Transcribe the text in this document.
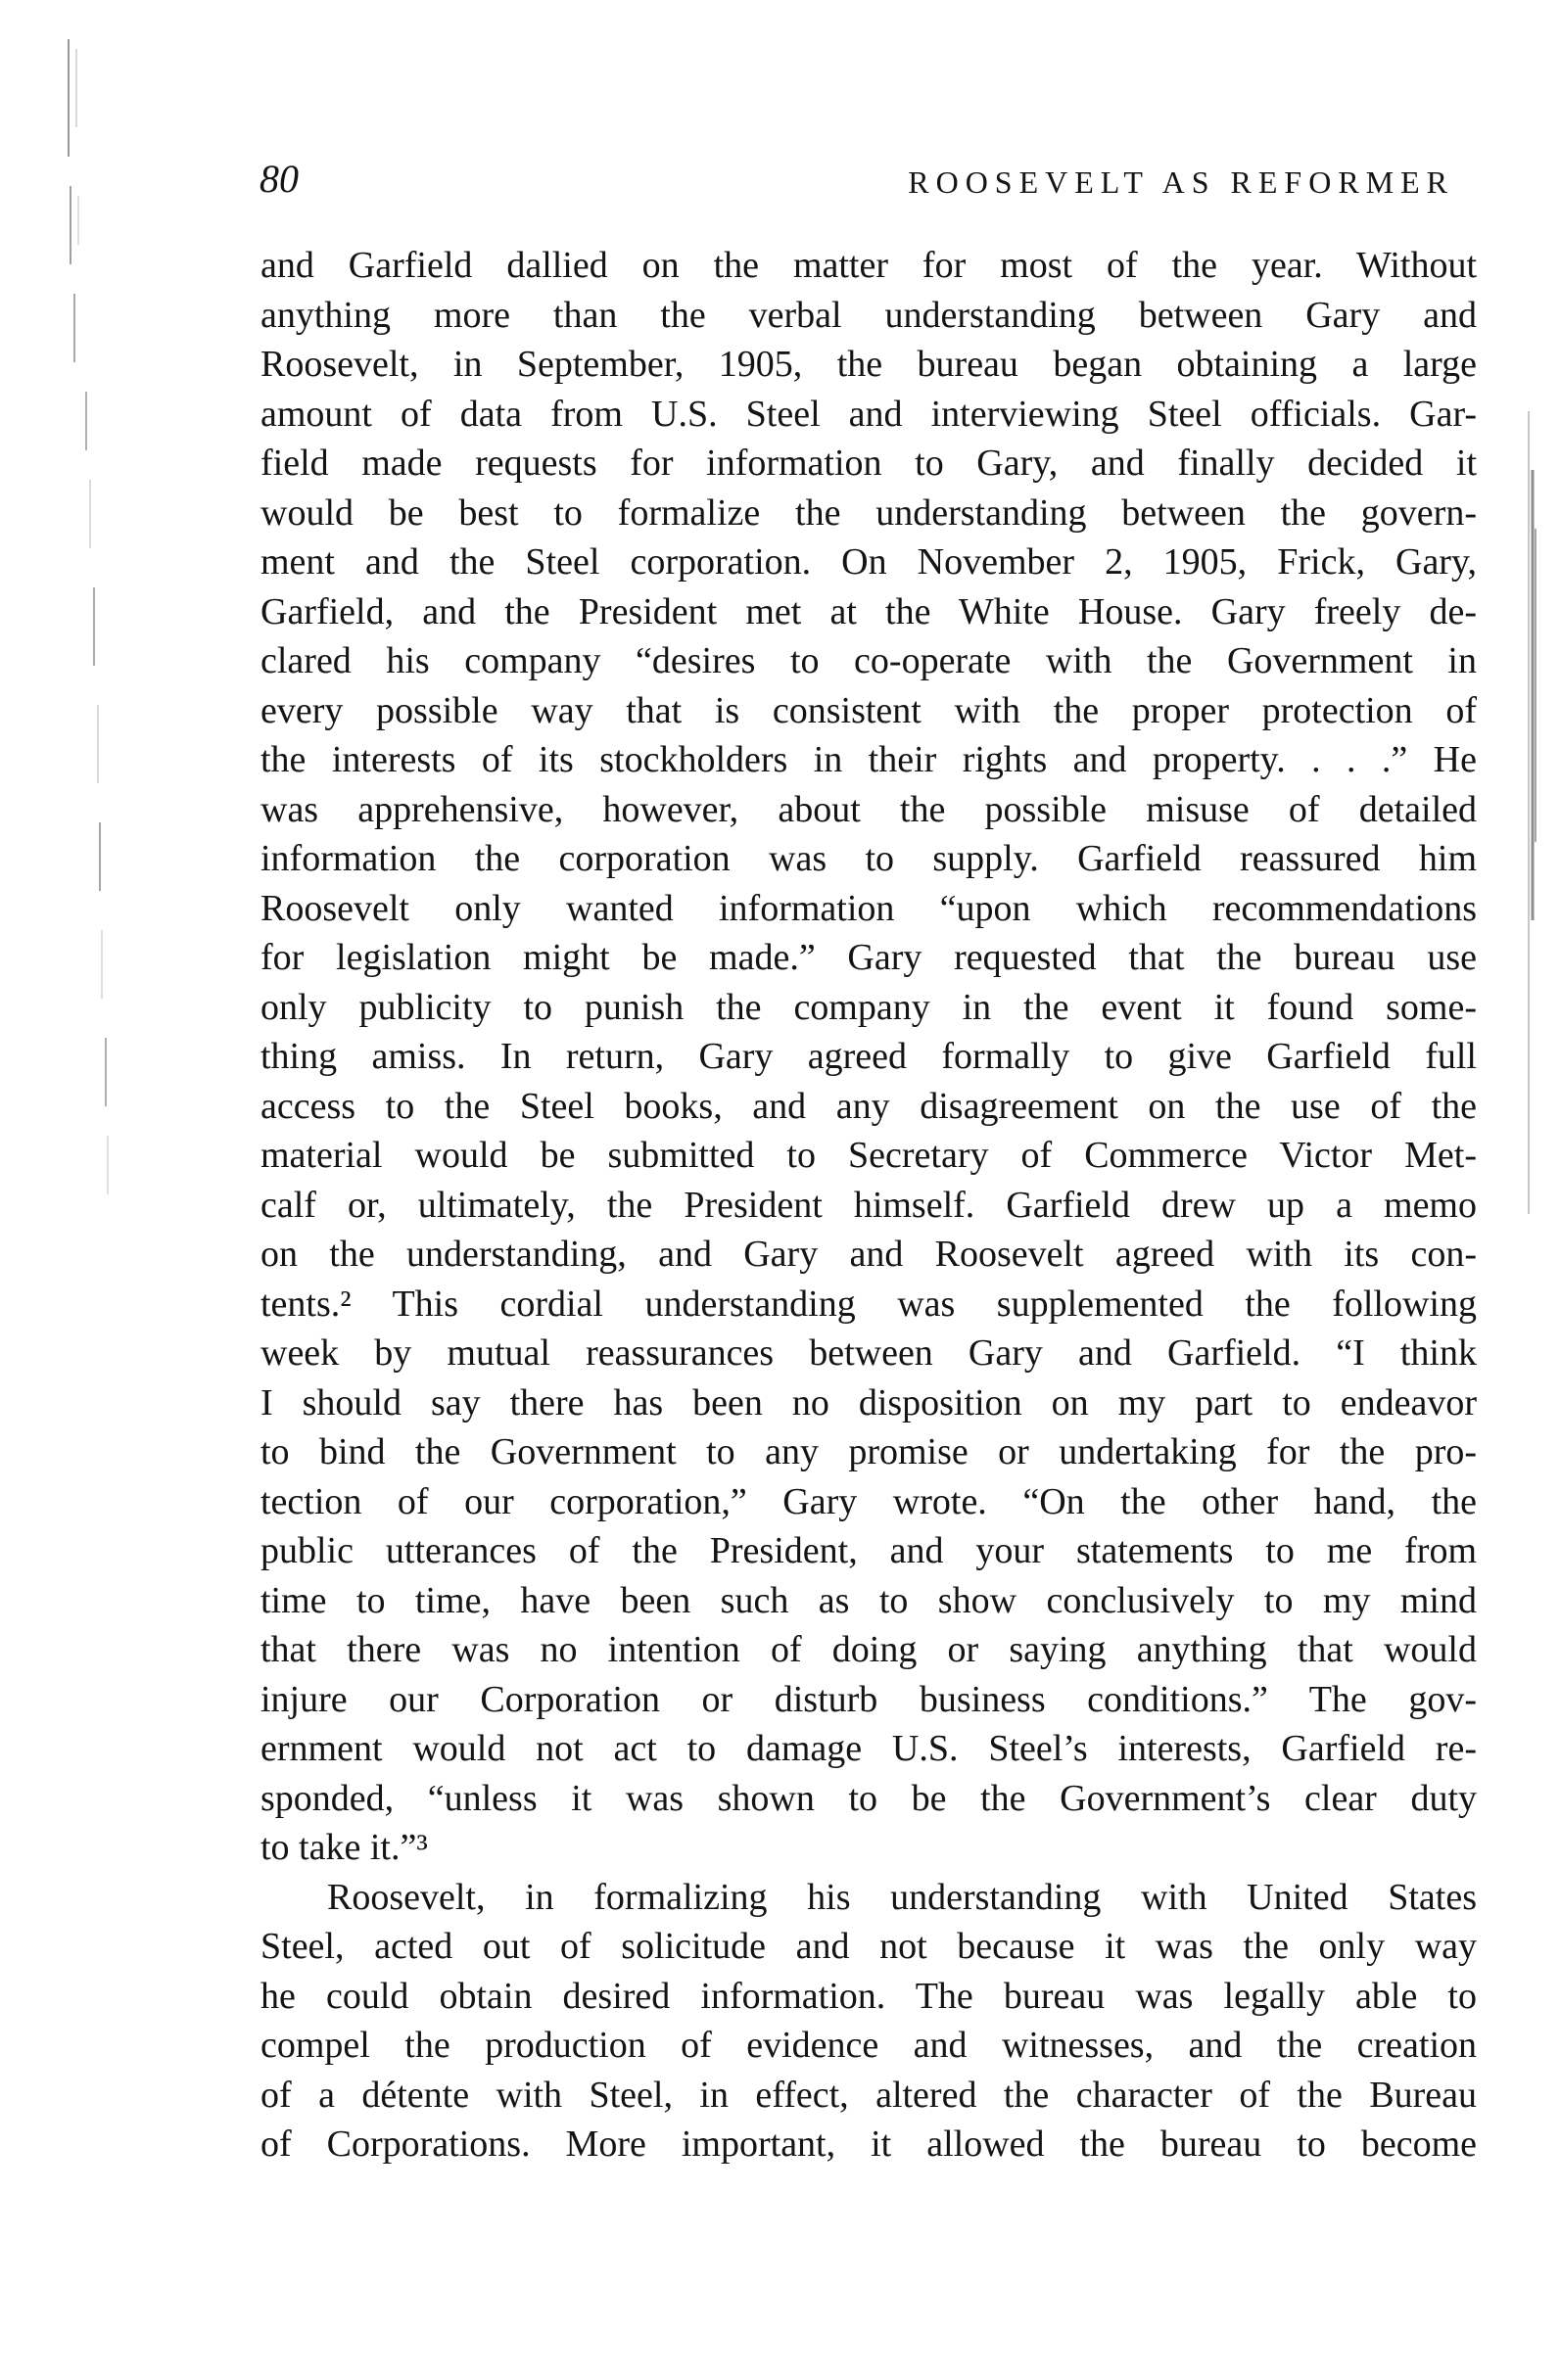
80	ROOSEVELT AS REFORMER
and Garfield dallied on the matter for most of the year. Without
anything more than the verbal understanding between Gary and
Roosevelt, in September, 1905, the bureau began obtaining a large
amount of data from U.S. Steel and interviewing Steel officials. Gar-
field made requests for information to Gary, and finally decided it
would be best to formalize the understanding between the govern-
ment and the Steel corporation. On November 2, 1905, Frick, Gary,
Garfield, and the President met at the White House. Gary freely de-
clared his company “desires to co-operate with the Government in
every possible way that is consistent with the proper protection of
the interests of its stockholders in their rights and property. . . .” He
was apprehensive, however, about the possible misuse of detailed
information the corporation was to supply. Garfield reassured him
Roosevelt only wanted information “upon which recommendations
for legislation might be made.” Gary requested that the bureau use
only publicity to punish the company in the event it found some-
thing amiss. In return, Gary agreed formally to give Garfield full
access to the Steel books, and any disagreement on the use of the
material would be submitted to Secretary of Commerce Victor Met-
calf or, ultimately, the President himself. Garfield drew up a memo
on the understanding, and Gary and Roosevelt agreed with its con-
tents.² This cordial understanding was supplemented the following
week by mutual reassurances between Gary and Garfield. “I think
I should say there has been no disposition on my part to endeavor
to bind the Government to any promise or undertaking for the pro-
tection of our corporation,” Gary wrote. “On the other hand, the
public utterances of the President, and your statements to me from
time to time, have been such as to show conclusively to my mind
that there was no intention of doing or saying anything that would
injure our Corporation or disturb business conditions.” The gov-
ernment would not act to damage U.S. Steel’s interests, Garfield re-
sponded, “unless it was shown to be the Government’s clear duty
to take it.”³
Roosevelt, in formalizing his understanding with United States
Steel, acted out of solicitude and not because it was the only way
he could obtain desired information. The bureau was legally able to
compel the production of evidence and witnesses, and the creation
of a détente with Steel, in effect, altered the character of the Bureau
of Corporations. More important, it allowed the bureau to become
